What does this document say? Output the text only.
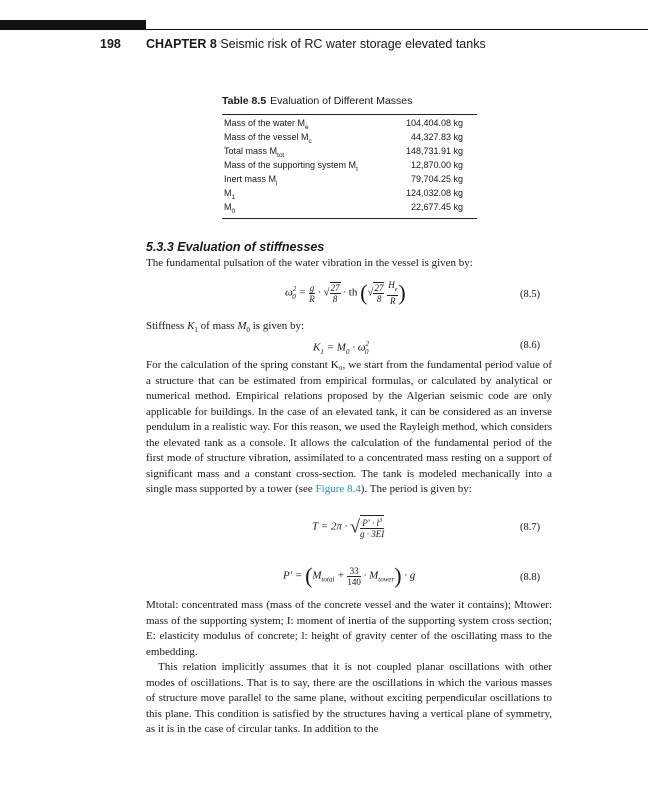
198 CHAPTER 8 Seismic risk of RC water storage elevated tanks
Table 8.5 Evaluation of Different Masses
Mass of the water $M_e$	104,404.08 kg
Mass of the vessel $M_c$	44,327.83 kg
Total mass $M_{tot}$	148,731.91 kg
Mass of the supporting system $M_t$	12,870.00 kg
Inert mass $M_i$	79,704.25 kg
$M_1$	124,032.08 kg
$M_0$	22,677.45 kg
5.3.3 Evaluation of stiffnesses
The fundamental pulsation of the water vibration in the vessel is given by:
$\omega^2_0 = \frac{g}{R}$ · √ $\frac{27}{8}$ · th (√ $\frac{27}{8}$
$\frac{H_e}{R}$ )	(8.5)
Stiffness $K_1$ of mass $M_0$ is given by:
$K_1 = M_0 \cdot \omega^2_0$
(8.6)
For the calculation of the spring constant K₀, we start from the fundamental period value of a structure that can be estimated from empirical formulas, or calculated by analytical or numerical method. Empirical relations proposed by the Algerian seismic code are only applicable for buildings. In the case of an elevated tank, it can be considered as an inverse pendulum in a realistic way. For this reason, we used the Rayleigh method, which considers the elevated tank as a console. It allows the calculation of the fundamental period of the first mode of structure vibration, assimilated to a concentrated mass resting on a support of significant mass and a constant cross-section. The tank is modeled mechanically into a single mass supported by a tower (see Figure 8.4). The period is given by:
T = 2π · √ $\frac{P' \cdot l^3}{g \cdot 3EI}$	(8.7)
$P' = (M_{total} + \frac{33}{140} \cdot M_{tower}) \cdot g$	(8.8)
Mtotal: concentrated mass (mass of the concrete vessel and the water it contains); Mtower: mass of the supporting system; I: moment of inertia of the supporting system cross section; E: elasticity modulus of concrete; l: height of gravity center of the oscillating mass to the embedding.
This relation implicitly assumes that it is not coupled planar oscillations with other modes of oscillations. That is to say, there are the oscillations in which the various masses of structure move parallel to the same plane, without exciting perpendicular oscillations to this plane. This condition is satisfied by the structures having a vertical plane of symmetry, as it is in the case of circular tanks. In addition to the
